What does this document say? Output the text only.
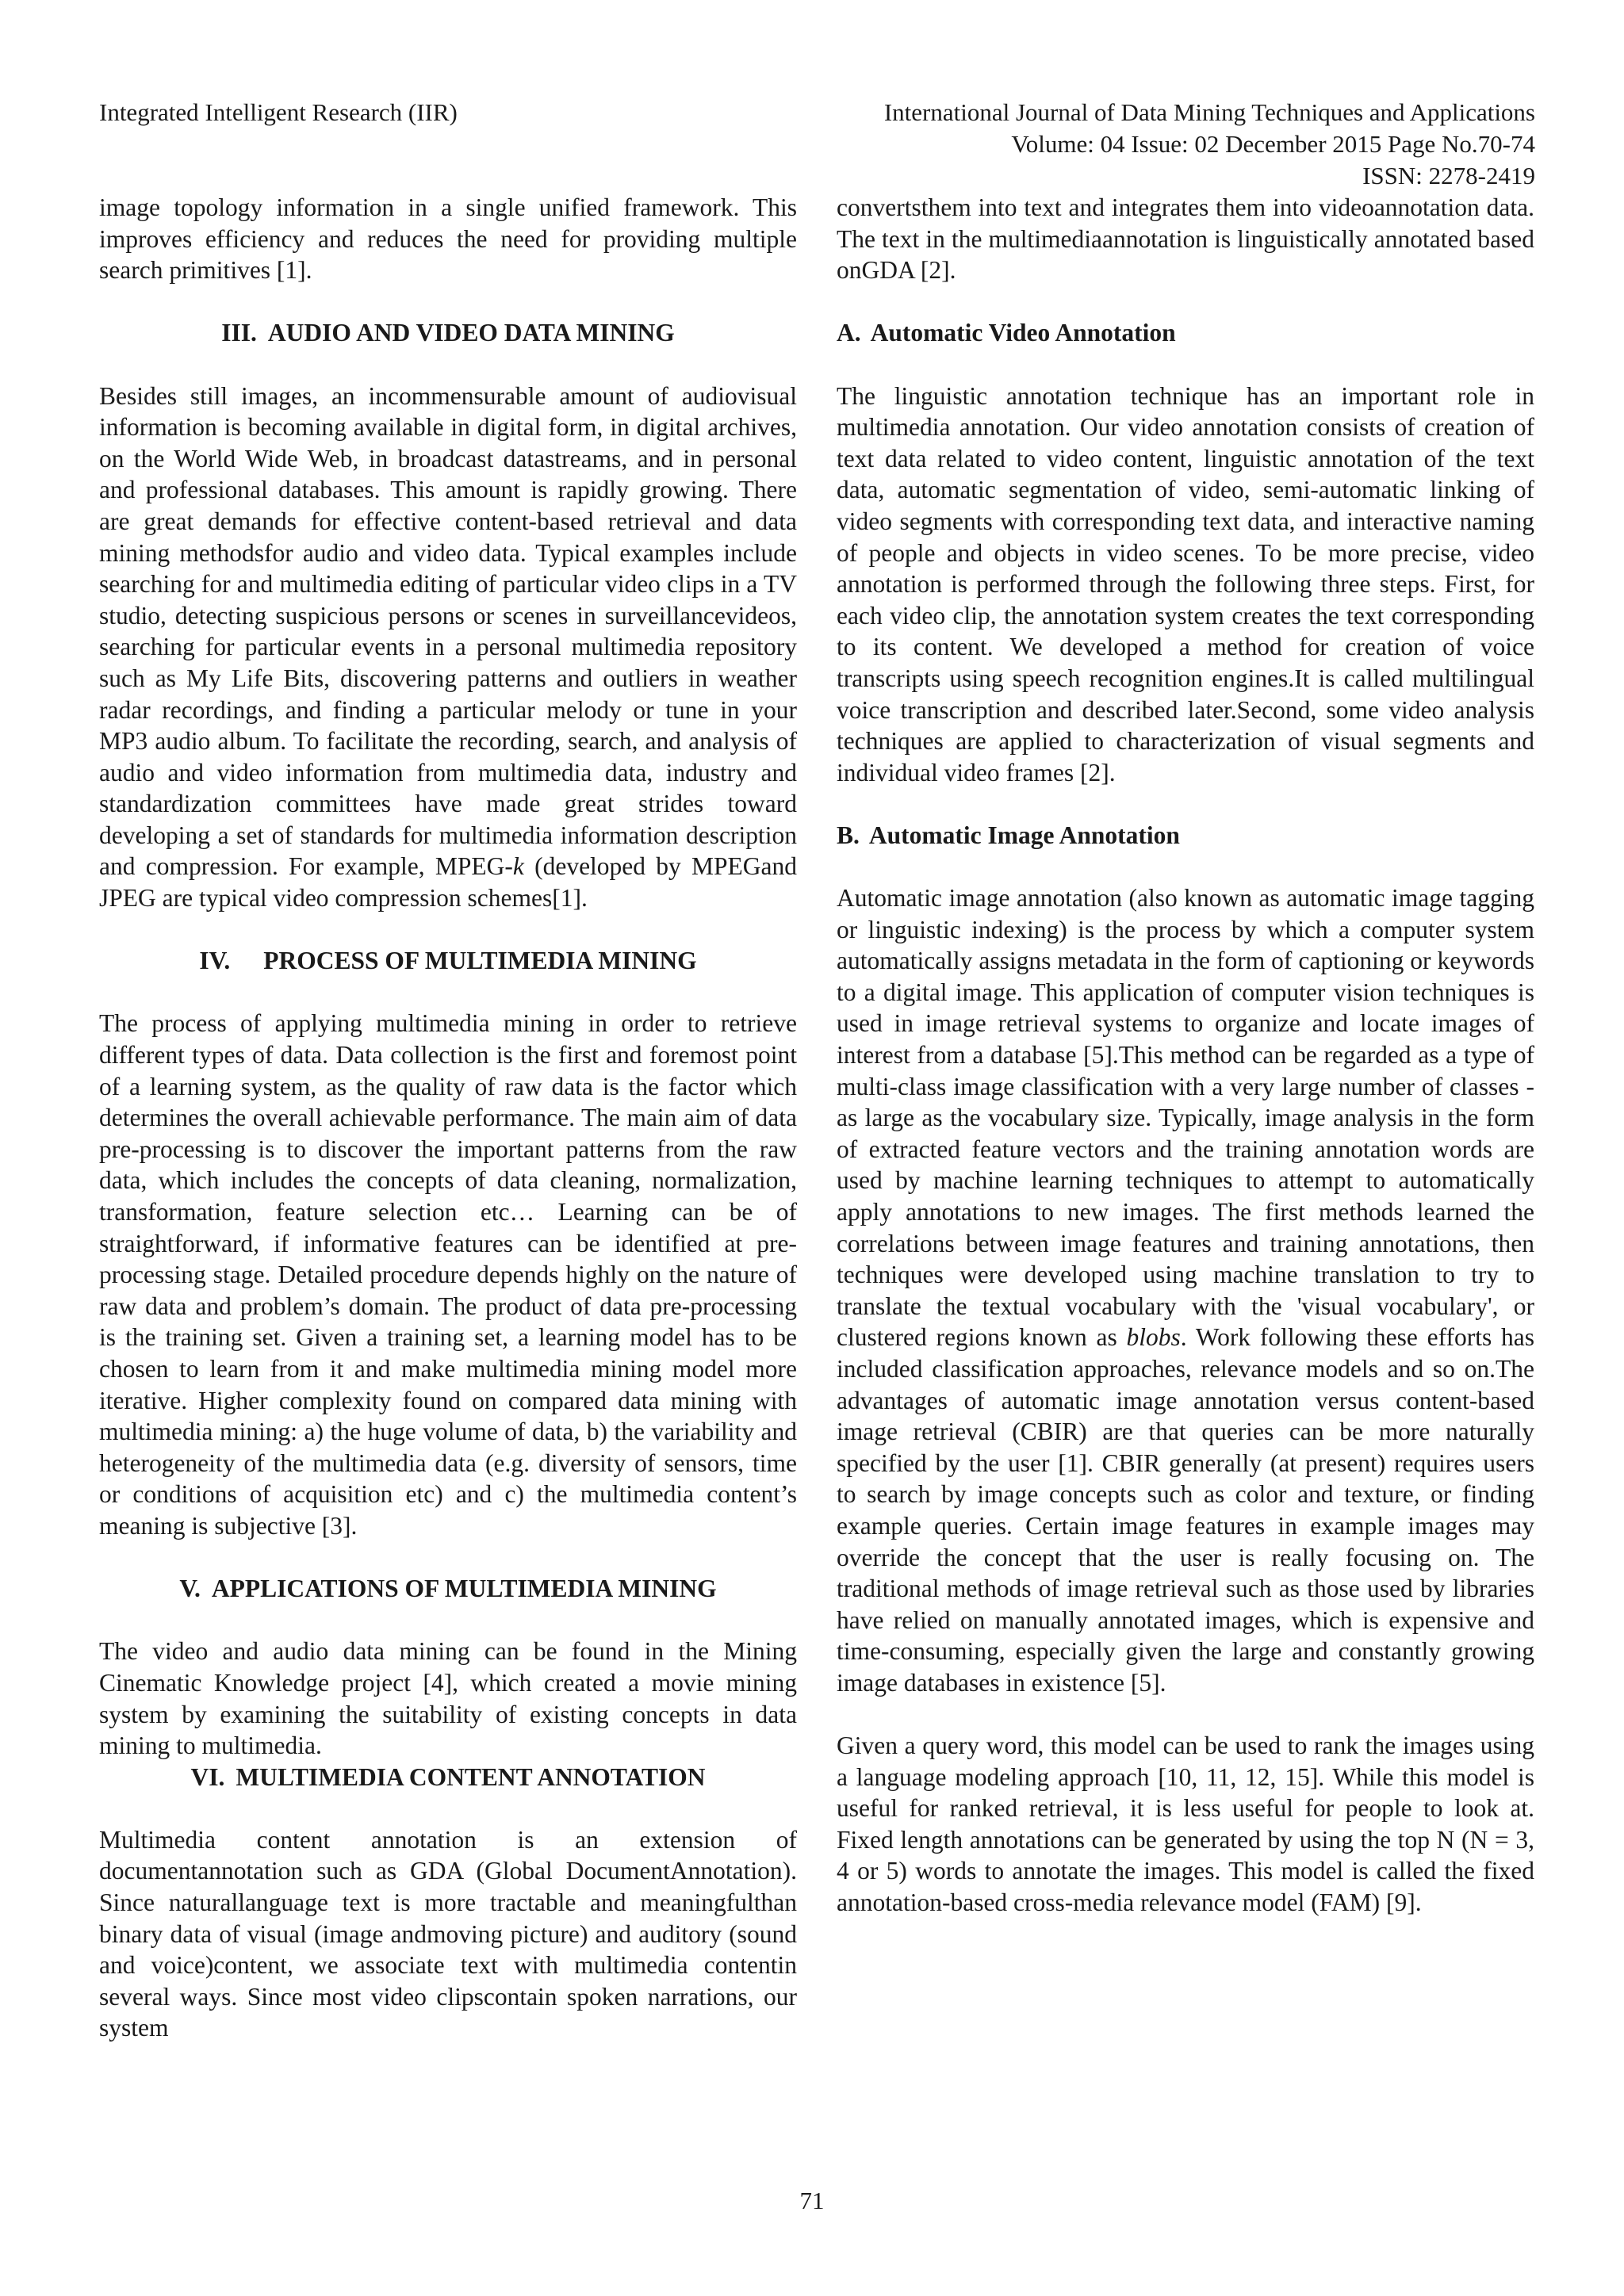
Integrated Intelligent Research (IIR)	International Journal of Data Mining Techniques and Applications
Volume: 04 Issue: 02 December 2015 Page No.70-74
ISSN: 2278-2419

image topology information in a single unified framework. This improves efficiency and reduces the need for providing multiple search primitives [1].

III. AUDIO AND VIDEO DATA MINING

Besides still images, an incommensurable amount of audiovisual information is becoming available in digital form, in digital archives, on the World Wide Web, in broadcast datastreams, and in personal and professional databases. This amount is rapidly growing. There are great demands for effective content-based retrieval and data mining methodsfor audio and video data. Typical examples include searching for and multimedia editing of particular video clips in a TV studio, detecting suspicious persons or scenes in surveillancevideos, searching for particular events in a personal multimedia repository such as My Life Bits, discovering patterns and outliers in weather radar recordings, and finding a particular melody or tune in your MP3 audio album. To facilitate the recording, search, and analysis of audio and video information from multimedia data, industry and standardization committees have made great strides toward developing a set of standards for multimedia information description and compression. For example, MPEG-k (developed by MPEGand JPEG are typical video compression schemes[1].

IV. PROCESS OF MULTIMEDIA MINING

The process of applying multimedia mining in order to retrieve different types of data. Data collection is the first and foremost point of a learning system, as the quality of raw data is the factor which determines the overall achievable performance. The main aim of data pre-processing is to discover the important patterns from the raw data, which includes the concepts of data cleaning, normalization, transformation, feature selection etc… Learning can be of straightforward, if informative features can be identified at pre-processing stage. Detailed procedure depends highly on the nature of raw data and problem’s domain. The product of data pre-processing is the training set. Given a training set, a learning model has to be chosen to learn from it and make multimedia mining model more iterative. Higher complexity found on compared data mining with multimedia mining: a) the huge volume of data, b) the variability and heterogeneity of the multimedia data (e.g. diversity of sensors, time or conditions of acquisition etc) and c) the multimedia content’s meaning is subjective [3].

V. APPLICATIONS OF MULTIMEDIA MINING

The video and audio data mining can be found in the Mining Cinematic Knowledge project [4], which created a movie mining system by examining the suitability of existing concepts in data mining to multimedia.

VI. MULTIMEDIA CONTENT ANNOTATION

Multimedia content annotation is an extension of documentannotation such as GDA (Global DocumentAnnotation). Since naturallanguage text is more tractable and meaningfulthan binary data of visual (image andmoving picture) and auditory (sound and voice)content, we associate text with multimedia contentin several ways. Since most video clipscontain spoken narrations, our system

convertsthem into text and integrates them into videoannotation data. The text in the multimediaannotation is linguistically annotated based onGDA [2].

A. Automatic Video Annotation

The linguistic annotation technique has an important role in multimedia annotation. Our video annotation consists of creation of text data related to video content, linguistic annotation of the text data, automatic segmentation of video, semi-automatic linking of video segments with corresponding text data, and interactive naming of people and objects in video scenes. To be more precise, video annotation is performed through the following three steps. First, for each video clip, the annotation system creates the text corresponding to its content. We developed a method for creation of voice transcripts using speech recognition engines.It is called multilingual voice transcription and described later.Second, some video analysis techniques are applied to characterization of visual segments and individual video frames [2].

B. Automatic Image Annotation

Automatic image annotation (also known as automatic image tagging or linguistic indexing) is the process by which a computer system automatically assigns metadata in the form of captioning or keywords to a digital image. This application of computer vision techniques is used in image retrieval systems to organize and locate images of interest from a database [5].This method can be regarded as a type of multi-class image classification with a very large number of classes - as large as the vocabulary size. Typically, image analysis in the form of extracted feature vectors and the training annotation words are used by machine learning techniques to attempt to automatically apply annotations to new images. The first methods learned the correlations between image features and training annotations, then techniques were developed using machine translation to try to translate the textual vocabulary with the 'visual vocabulary', or clustered regions known as blobs. Work following these efforts has included classification approaches, relevance models and so on.The advantages of automatic image annotation versus content-based image retrieval (CBIR) are that queries can be more naturally specified by the user [1]. CBIR generally (at present) requires users to search by image concepts such as color and texture, or finding example queries. Certain image features in example images may override the concept that the user is really focusing on. The traditional methods of image retrieval such as those used by libraries have relied on manually annotated images, which is expensive and time-consuming, especially given the large and constantly growing image databases in existence [5].

Given a query word, this model can be used to rank the images using a language modeling approach [10, 11, 12, 15]. While this model is useful for ranked retrieval, it is less useful for people to look at. Fixed length annotations can be generated by using the top N (N = 3, 4 or 5) words to annotate the images. This model is called the fixed annotation-based cross-media relevance model (FAM) [9].

71
